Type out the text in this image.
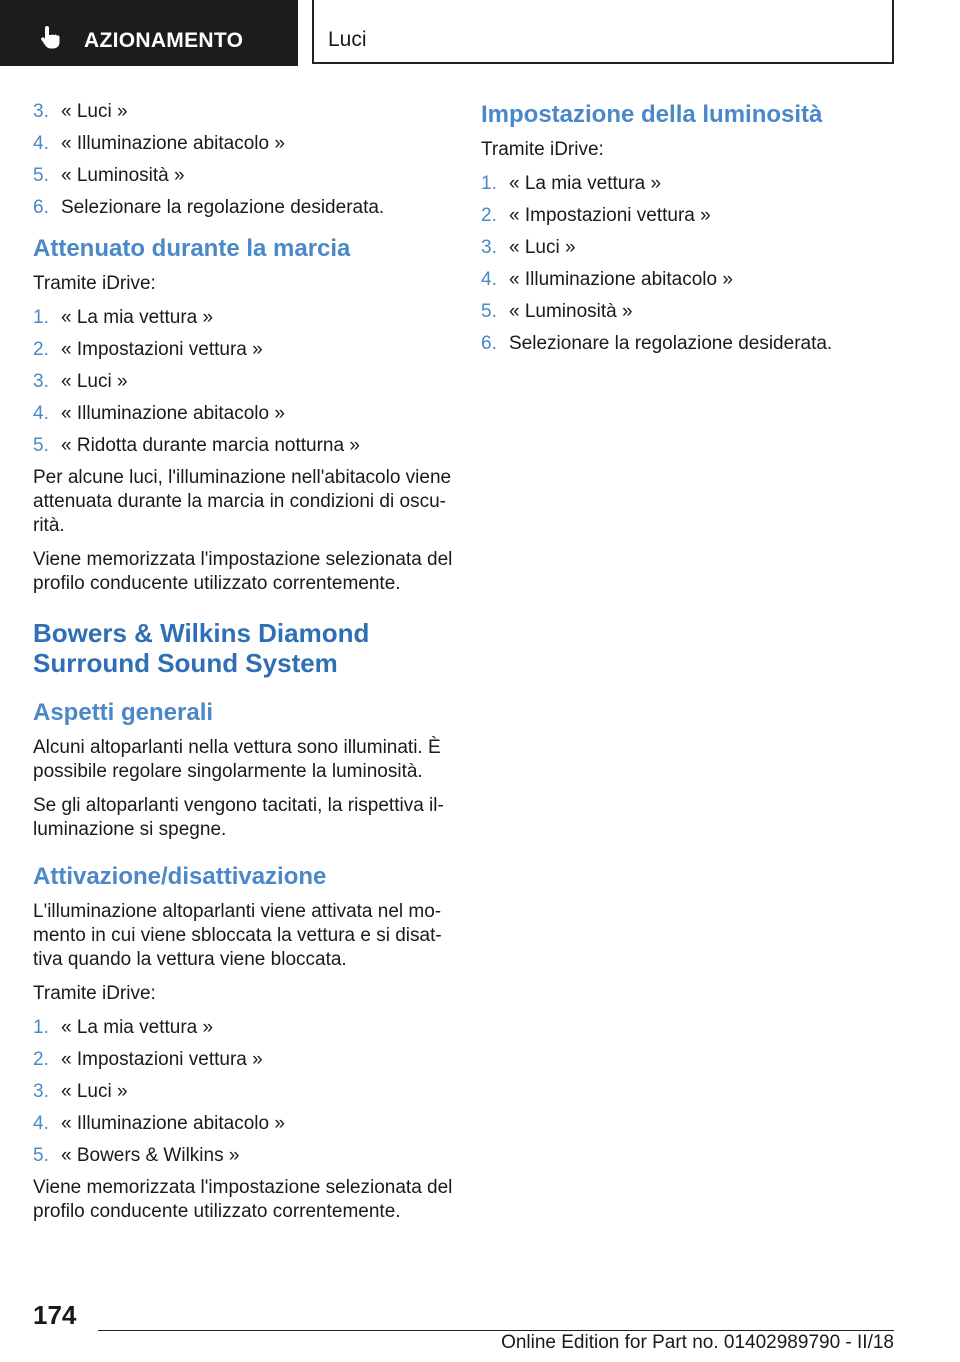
AZIONAMENTO	Luci
3. « Luci »
4. « Illuminazione abitacolo »
5. « Luminosità »
6. Selezionare la regolazione desiderata.
Attenuato durante la marcia

Tramite iDrive:

1. « La mia vettura »
2. « Impostazioni vettura »
3. « Luci »
4. « Illuminazione abitacolo »
5. « Ridotta durante marcia notturna »

Per alcune luci, l'illuminazione nell'abitacolo viene attenuata durante la marcia in condizioni di oscu‐rità.

Viene memorizzata l'impostazione selezionata del profilo conducente utilizzato correntemente.

Bowers & Wilkins Diamond Surround Sound System
Aspetti generali

Alcuni altoparlanti nella vettura sono illuminati. È possibile regolare singolarmente la luminosità.

Se gli altoparlanti vengono tacitati, la rispettiva il‐luminazione si spegne.

Attivazione/disattivazione

L'illuminazione altoparlanti viene attivata nel mo‐mento in cui viene sbloccata la vettura e si disat‐tiva quando la vettura viene bloccata.

Tramite iDrive:

1. « La mia vettura »
2. « Impostazioni vettura »
3. « Luci »
4. « Illuminazione abitacolo »
5. « Bowers & Wilkins »

Viene memorizzata l'impostazione selezionata del profilo conducente utilizzato correntemente.

Impostazione della luminosità

Tramite iDrive:

1. « La mia vettura »
2. « Impostazioni vettura »
3. « Luci »
4. « Illuminazione abitacolo »
5. « Luminosità »
6. Selezionare la regolazione desiderata.
174
Online Edition for Part no. 01402989790 - II/18
